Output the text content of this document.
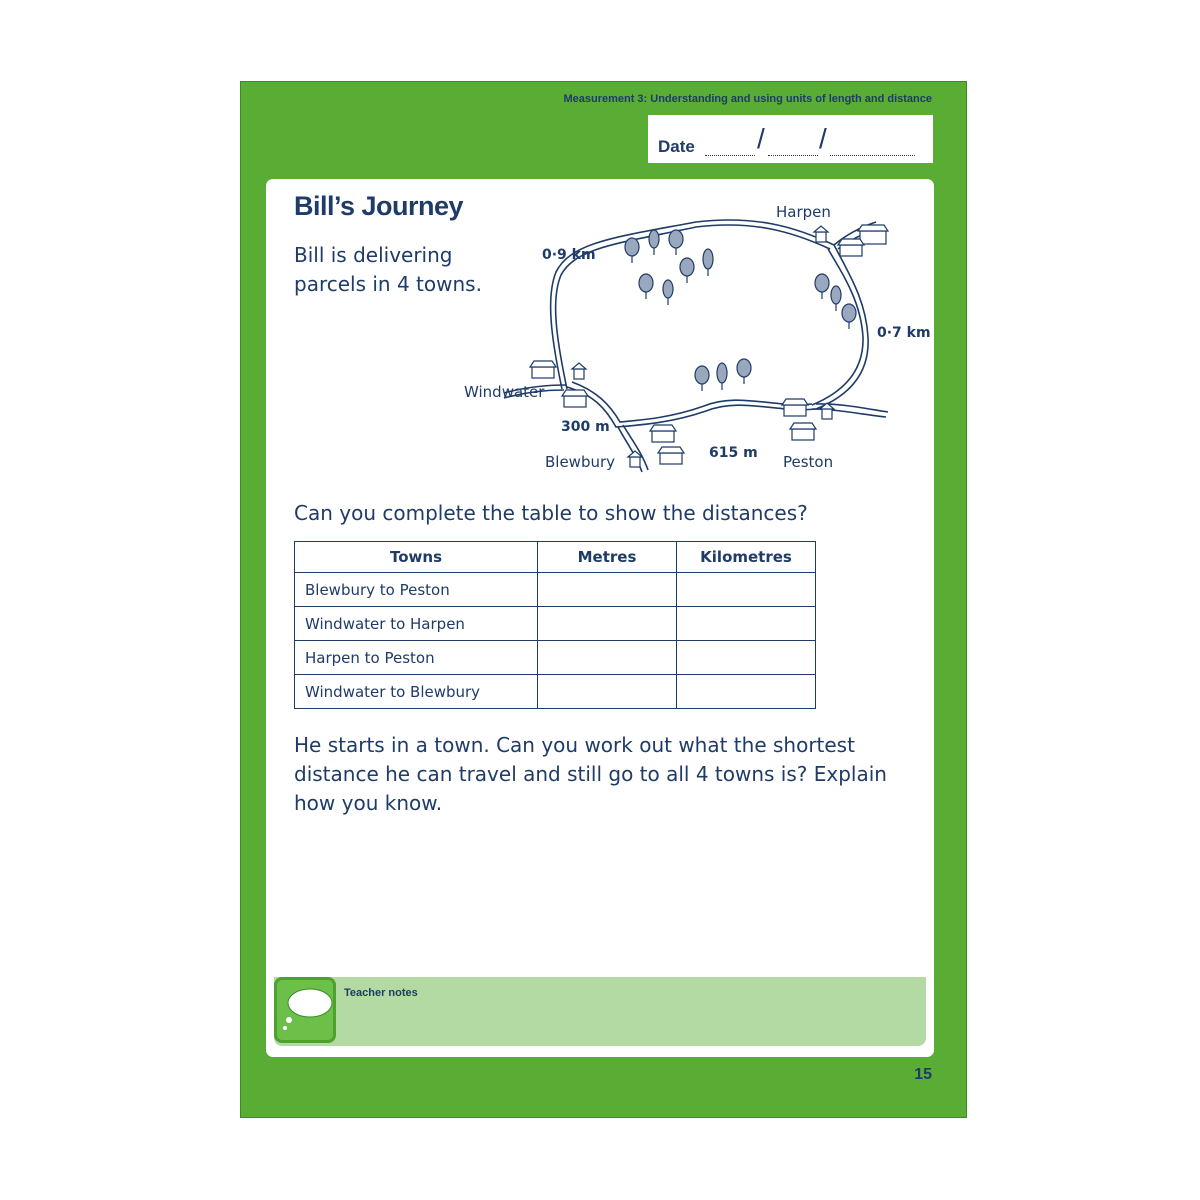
Measurement 3: Understanding and using units of length and distance
Date / /
Bill’s Journey
Bill is delivering parcels in 4 towns.
Harpen
Windwater
Blewbury	Peston
0·9 km
0·7 km
300 m
615 m
Can you complete the table to show the distances?
Towns	Metres	Kilometres
Blewbury to Peston		
Windwater to Harpen		
Harpen to Peston		
Windwater to Blewbury		
He starts in a town. Can you work out what the shortest distance he can travel and still go to all 4 towns is? Explain how you know.
Teacher notes
15
